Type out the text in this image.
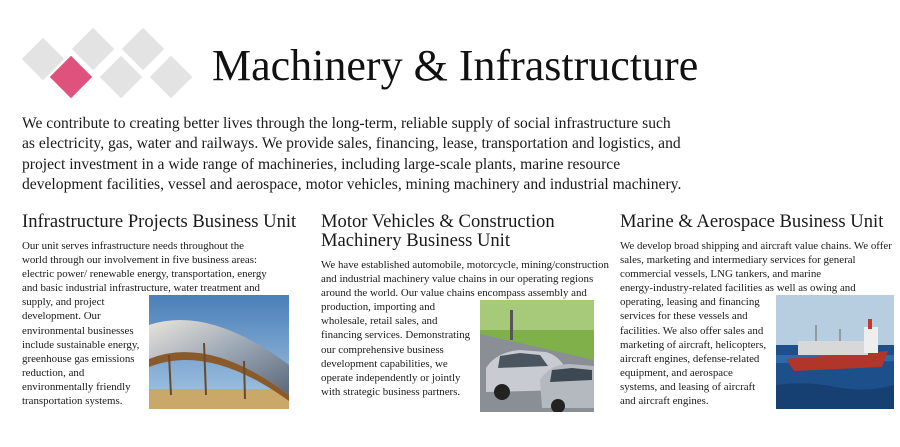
Machinery & Infrastructure

We contribute to creating better lives through the long-term, reliable supply of social infrastructure such
as electricity, gas, water and railways. We provide sales, financing, lease, transportation and logistics, and
project investment in a wide range of machineries, including large-scale plants, marine resource
development facilities, vessel and aerospace, motor vehicles, mining machinery and industrial machinery.

Infrastructure Projects Business Unit

Our unit serves infrastructure needs throughout the
world through our involvement in five business areas:
electric power/ renewable energy, transportation, energy
and basic industrial infrastructure, water treatment and

supply, and project
development. Our
environmental businesses
include sustainable energy,
greenhouse gas emissions
reduction, and
environmentally friendly
transportation systems.

Motor Vehicles & Construction
Machinery Business Unit

We have established automobile, motorcycle, mining/construction
and industrial machinery value chains in our operating regions
around the world. Our value chains encompass assembly and

production, importing and
wholesale, retail sales, and
financing services. Demonstrating
our comprehensive business
development capabilities, we
operate independently or jointly
with strategic business partners.

Marine & Aerospace Business Unit

We develop broad shipping and aircraft value chains. We offer
sales, marketing and intermediary services for general
commercial vessels, LNG tankers, and marine
energy-industry-related facilities as well as owing and

operating, leasing and financing
services for these vessels and
facilities. We also offer sales and
marketing of aircraft, helicopters,
aircraft engines, defense-related
equipment, and aerospace
systems, and leasing of aircraft
and aircraft engines.
